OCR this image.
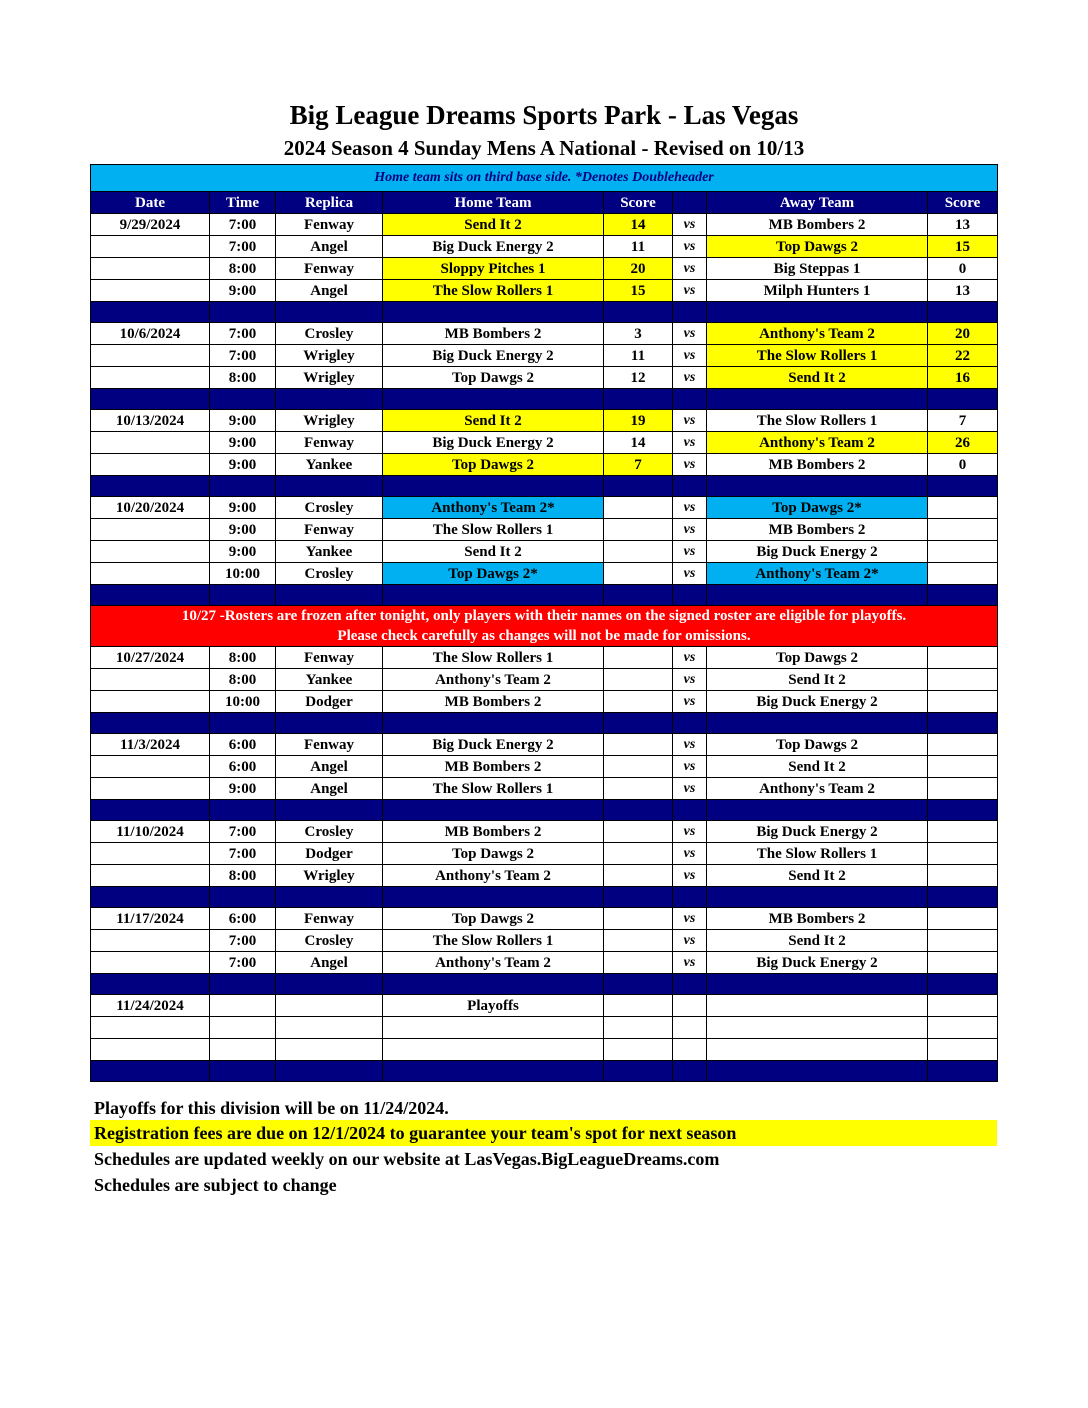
Big League Dreams Sports Park - Las Vegas
2024 Season 4 Sunday Mens A National - Revised on 10/13
Home team sits on third base side. *Denotes Doubleheader							
Date	Time	Replica	Home Team	Score		Away Team	Score
9/29/2024	7:00	Fenway	Send It 2	14	vs	MB Bombers 2	13
	7:00	Angel	Big Duck Energy 2	11	vs	Top Dawgs 2	15
	8:00	Fenway	Sloppy Pitches 1	20	vs	Big Steppas 1	0
	9:00	Angel	The Slow Rollers 1	15	vs	Milph Hunters 1	13

10/6/2024	7:00	Crosley	MB Bombers 2	3	vs	Anthony's Team 2	20
	7:00	Wrigley	Big Duck Energy 2	11	vs	The Slow Rollers 1	22
	8:00	Wrigley	Top Dawgs 2	12	vs	Send It 2	16

10/13/2024	9:00	Wrigley	Send It 2	19	vs	The Slow Rollers 1	7
	9:00	Fenway	Big Duck Energy 2	14	vs	Anthony's Team 2	26
	9:00	Yankee	Top Dawgs 2	7	vs	MB Bombers 2	0

10/20/2024	9:00	Crosley	Anthony's Team 2*		vs	Top Dawgs 2*	
	9:00	Fenway	The Slow Rollers 1		vs	MB Bombers 2	
	9:00	Yankee	Send It 2		vs	Big Duck Energy 2	
	10:00	Crosley	Top Dawgs 2*		vs	Anthony's Team 2*	

10/27 -Rosters are frozen after tonight, only players with their names on the signed roster are eligible for playoffs.
Please check carefully as changes will not be made for omissions.							

10/27/2024	8:00	Fenway	The Slow Rollers 1		vs	Top Dawgs 2	
	8:00	Yankee	Anthony's Team 2		vs	Send It 2	
	10:00	Dodger	MB Bombers 2		vs	Big Duck Energy 2	

11/3/2024	6:00	Fenway	Big Duck Energy 2		vs	Top Dawgs 2	
	6:00	Angel	MB Bombers 2		vs	Send It 2	
	9:00	Angel	The Slow Rollers 1		vs	Anthony's Team 2	

11/10/2024	7:00	Crosley	MB Bombers 2		vs	Big Duck Energy 2	
	7:00	Dodger	Top Dawgs 2		vs	The Slow Rollers 1	
	8:00	Wrigley	Anthony's Team 2		vs	Send It 2	

11/17/2024	6:00	Fenway	Top Dawgs 2		vs	MB Bombers 2	
	7:00	Crosley	The Slow Rollers 1		vs	Send It 2	
	7:00	Angel	Anthony's Team 2		vs	Big Duck Energy 2	

11/24/2024			Playoffs				

Playoffs for this division will be on 11/24/2024.
Registration fees are due on 12/1/2024 to guarantee your team's spot for next season
Schedules are updated weekly on our website at LasVegas.BigLeagueDreams.com
Schedules are subject to change
